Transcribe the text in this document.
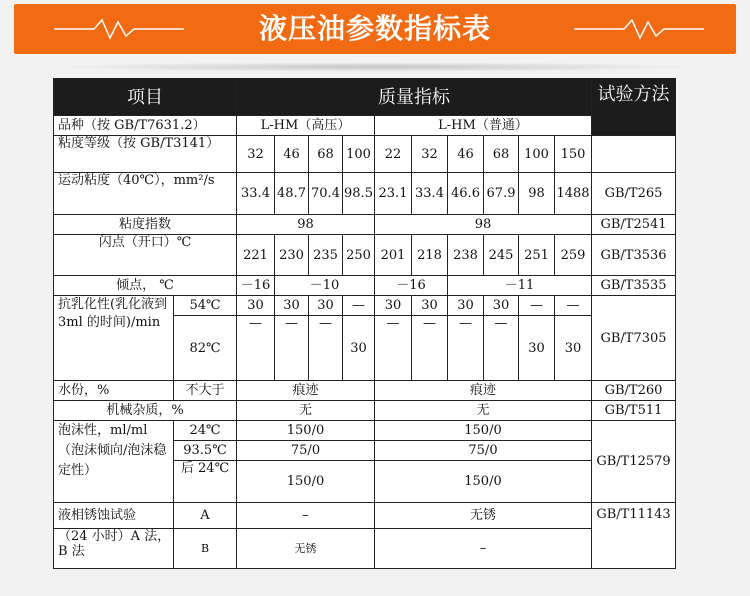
液压油参数指标表
项目		质量指标										试验方法
品种（按 GB/T7631.2）		L-HM（高压）				L-HM（普通）						
粘度等级（按 GB/T3141）		32	46	68	100	22	32	46	68	100	150	
运动粘度（40℃），mm²/s		33.4	48.7	70.4	98.5	23.1	33.4	46.6	67.9	98	1488	GB/T265
粘度指数		98				98						GB/T2541
闪点（开口）℃		221	230	235	250	201	218	238	245	251	259	GB/T3536
倾点， ℃		－16	－10			－16		－11				GB/T3535
抗乳化性(乳化液到
3ml 的时间)/min	54℃	30	30	30	—	30	30	30	30	—	—	GB/T7305
	82℃	—	—	—	30	—	—	—	—	30	30	
水份，%	不大于	痕迹				痕迹						GB/T260
机械杂质，%		无				无						GB/T511
泡沫性，ml/ml（泡沫倾向/泡沫稳定性）	24℃	150/0				150/0						GB/T12579
	93.5℃	75/0				75/0						
	后 24℃	150/0				150/0						
液相锈蚀试验	A	–				无锈						GB/T11143
（24 小时）A 法，B 法	B	无锈				–						
